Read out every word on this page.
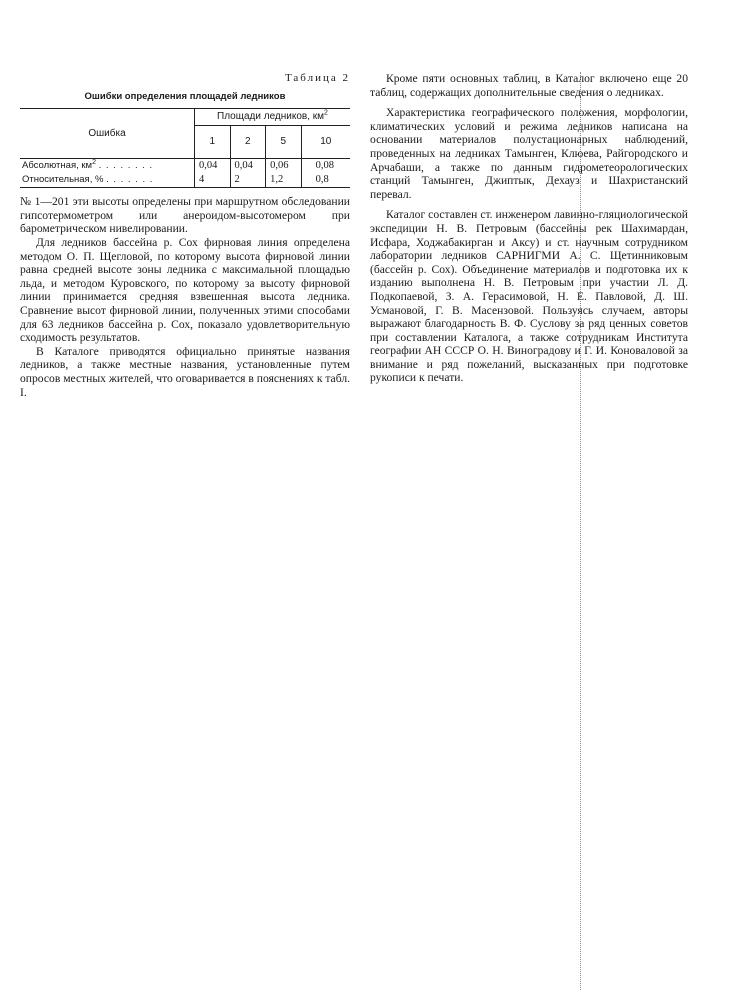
Таблица 2
Ошибки определения площадей ледников
Ошибка	Площади ледников, $км^2$
	1	2	5	10
Абсолютная, $км^2$ . . . . . . . .	0,04	0,04	0,06	0,08
Относительная, % . . . . . . .	4	2	1,2	0,8

№ 1—201 эти высоты определены при маршрутном обследовании гипсотермометром или анероидом-высотомером при барометрическом нивелировании.

Для ледников бассейна р. Сох фирновая линия определена методом О. П. Щегловой, по которому высота фирновой линии равна средней высоте зоны ледника с максимальной площадью льда, и методом Куровского, по которому за высоту фирновой линии принимается средняя взвешенная высота ледника. Сравнение высот фирновой линии, полученных этими способами для 63 ледников бассейна р. Сох, показало удовлетворительную сходимость результатов.

В Каталоге приводятся официально принятые названия ледников, а также местные названия, установленные путем опросов местных жителей, что оговаривается в пояснениях к табл. I.

Кроме пяти основных таблиц, в Каталог включено еще 20 таблиц, содержащих дополнительные сведения о ледниках.

Характеристика географического положения, морфологии, климатических условий и режима ледников написана на основании материалов полустационарных наблюдений, проведенных на ледниках Тамынген, Клюева, Райгородского и Арчабаши, а также по данным гидрометеорологических станций Тамынген, Джиптык, Дехауз и Шахристанский перевал.

Каталог составлен ст. инженером лавинно-гляциологической экспедиции Н. В. Петровым (бассейны рек Шахимардан, Исфара, Ходжабакирган и Аксу) и ст. научным сотрудником лаборатории ледников САРНИГМИ А. С. Щетинниковым (бассейн р. Сох). Объединение материалов и подготовка их к изданию выполнена Н. В. Петровым при участии Л. Д. Подкопаевой, З. А. Герасимовой, Н. Е. Павловой, Д. Ш. Усмановой, Г. В. Масензовой. Пользуясь случаем, авторы выражают благодарность В. Ф. Суслову за ряд ценных советов при составлении Каталога, а также сотрудникам Института географии АН СССР О. Н. Виноградову и Г. И. Коноваловой за внимание и ряд пожеланий, высказанных при подготовке рукописи к печати.
